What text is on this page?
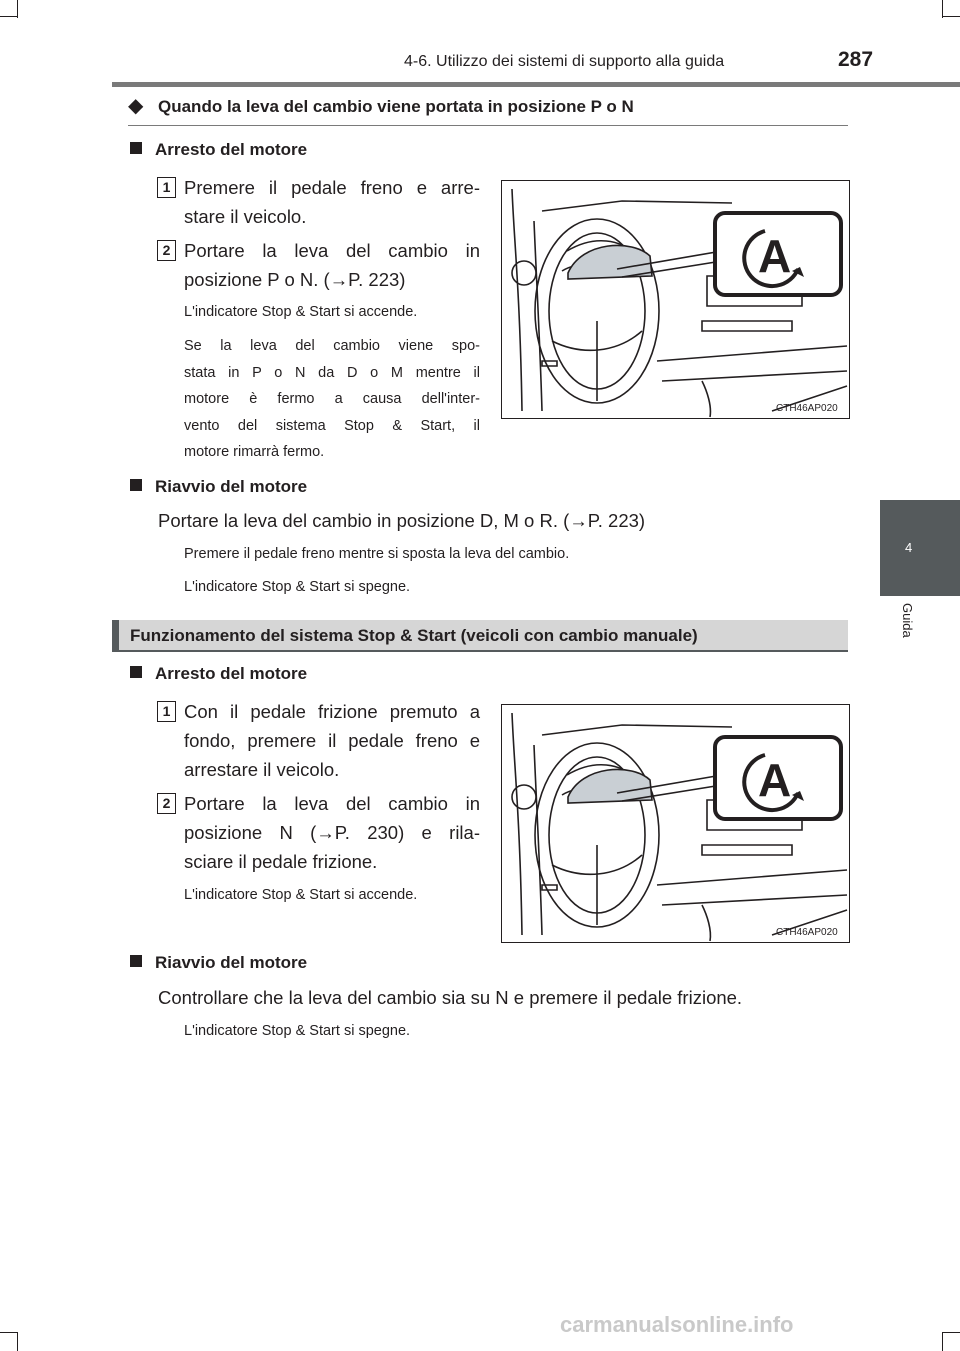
4-6. Utilizzo dei sistemi di supporto alla guida	287
4
Guida
◆ Quando la leva del cambio viene portata in posizione P o N
Arresto del motore
1 Premere il pedale freno e arre-
stare il veicolo.
2 Portare la leva del cambio in
posizione P o N. (→P. 223)
L'indicatore Stop & Start si accende.
Se la leva del cambio viene spo-
stata in P o N da D o M mentre il
motore è fermo a causa dell'inter-
vento del sistema Stop & Start, il
motore rimarrà fermo.
A
CTH46AP020
Riavvio del motore
Portare la leva del cambio in posizione D, M o R. (→P. 223)
Premere il pedale freno mentre si sposta la leva del cambio.
L'indicatore Stop & Start si spegne.
Funzionamento del sistema Stop & Start (veicoli con cambio manuale)
Arresto del motore
1 Con il pedale frizione premuto a
fondo, premere il pedale freno e
arrestare il veicolo.
2 Portare la leva del cambio in
posizione N (→P. 230) e rila-
sciare il pedale frizione.
L'indicatore Stop & Start si accende.
A
CTH46AP020
Riavvio del motore
Controllare che la leva del cambio sia su N e premere il pedale frizione.
L'indicatore Stop & Start si spegne.
carmanualsonline.info
